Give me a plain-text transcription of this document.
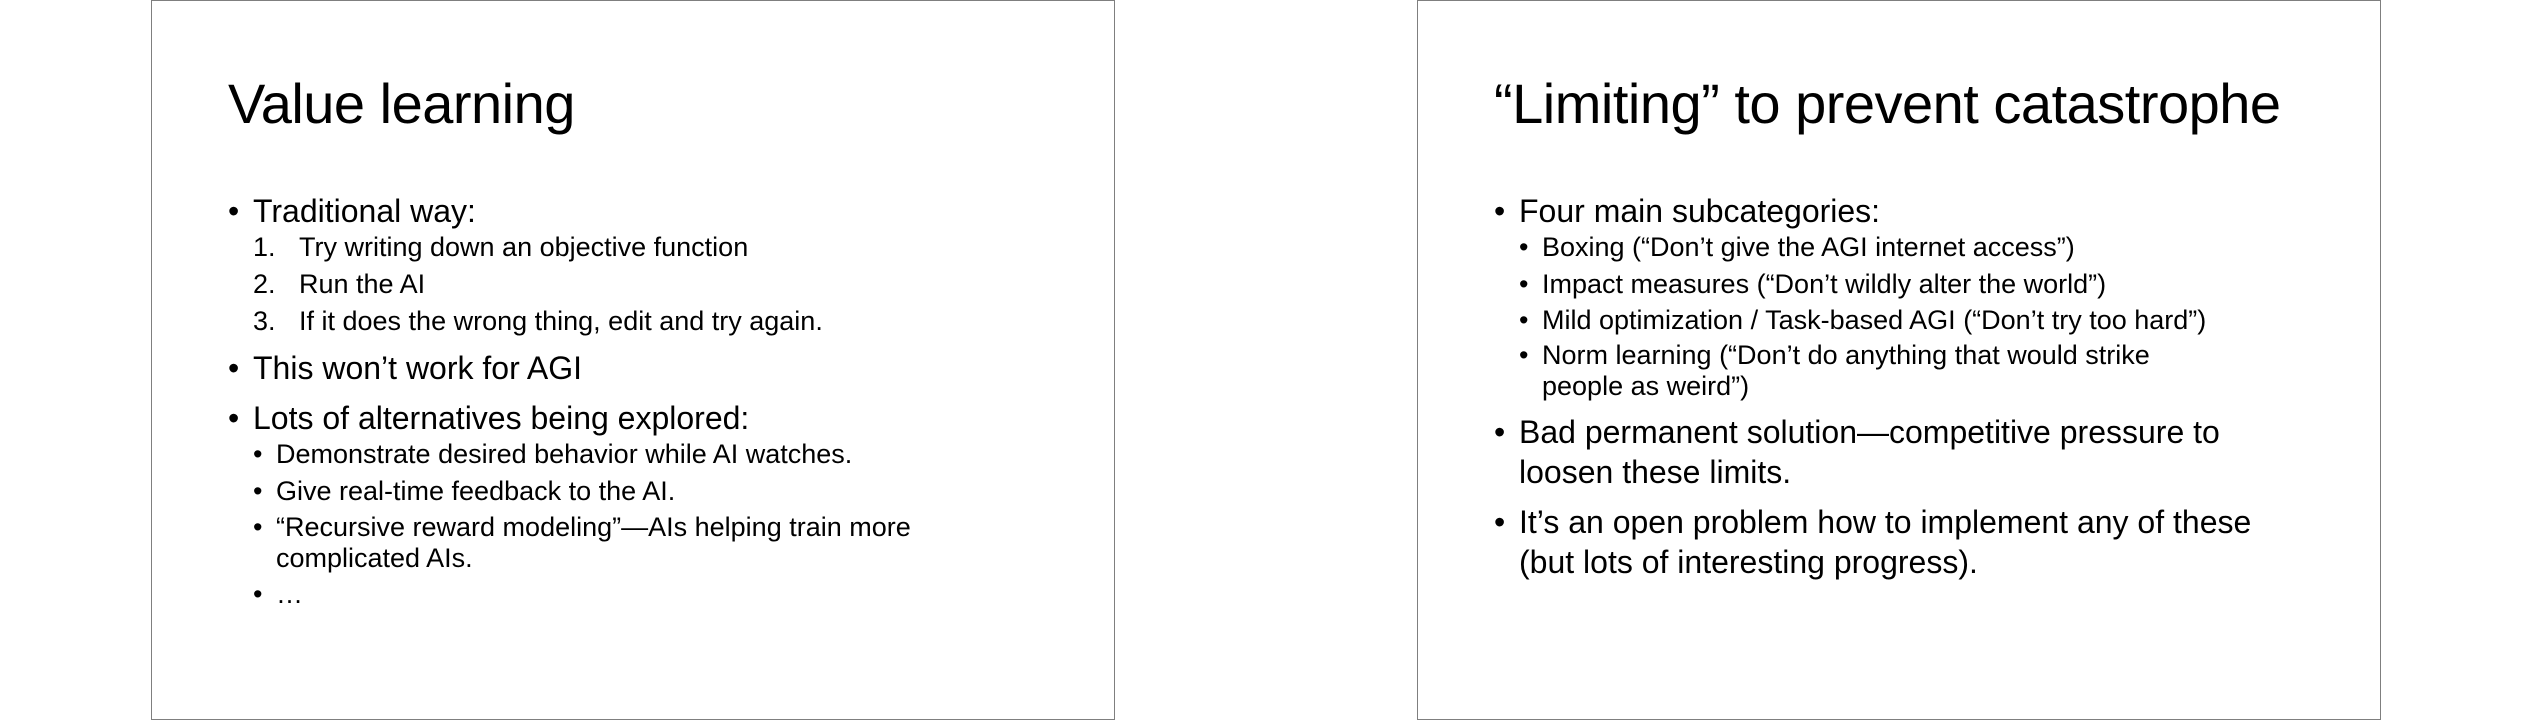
Value learning
• Traditional way:
1. Try writing down an objective function
2. Run the AI
3. If it does the wrong thing, edit and try again.
• This won’t work for AGI
• Lots of alternatives being explored:
• Demonstrate desired behavior while AI watches.
• Give real-time feedback to the AI.
• “Recursive reward modeling”—AIs helping train more complicated AIs.
• …
“Limiting” to prevent catastrophe
• Four main subcategories:
• Boxing (“Don’t give the AGI internet access”)
• Impact measures (“Don’t wildly alter the world”)
• Mild optimization / Task-based AGI (“Don’t try too hard”)
• Norm learning (“Don’t do anything that would strike people as weird”)
• Bad permanent solution—competitive pressure to loosen these limits.
• It’s an open problem how to implement any of these (but lots of interesting progress).
